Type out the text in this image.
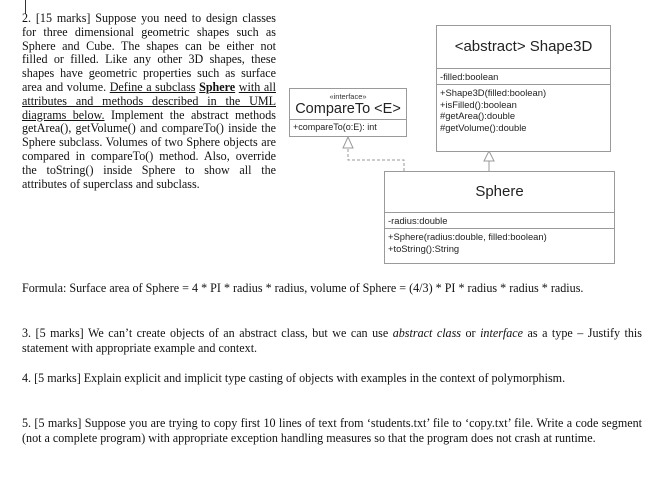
2. [15 marks] Suppose you need to design classes for three dimensional geometric shapes such as Sphere and Cube. The shapes can be either not filled or filled. Like any other 3D shapes, these shapes have geometric properties such as surface area and volume. Define a subclass Sphere with all attributes and methods described in the UML diagrams below. Implement the abstract methods getArea(), getVolume() and compareTo() inside the Sphere subclass. Volumes of two Sphere objects are compared in compareTo() method. Also, override the toString() inside Sphere to show all the attributes of superclass and subclass.
Formula: Surface area of Sphere = 4 * PI * radius * radius, volume of Sphere = (4/3) * PI * radius * radius * radius.
3. [5 marks] We can’t create objects of an abstract class, but we can use abstract class or interface as a type – Justify this statement with appropriate example and context.
4. [5 marks] Explain explicit and implicit type casting of objects with examples in the context of polymorphism.
5. [5 marks] Suppose you are trying to copy first 10 lines of text from ‘students.txt’ file to ‘copy.txt’ file. Write a code segment (not a complete program) with appropriate exception handling measures so that the program does not crash at runtime.
<abstract> Shape3D
-filled:boolean
+Shape3D(filled:boolean)
+isFilled():boolean
#getArea():double
#getVolume():double
«interface»
CompareTo <E>
+compareTo(o:E): int
Sphere
-radius:double
+Sphere(radius:double, filled:boolean)
+toString():String
